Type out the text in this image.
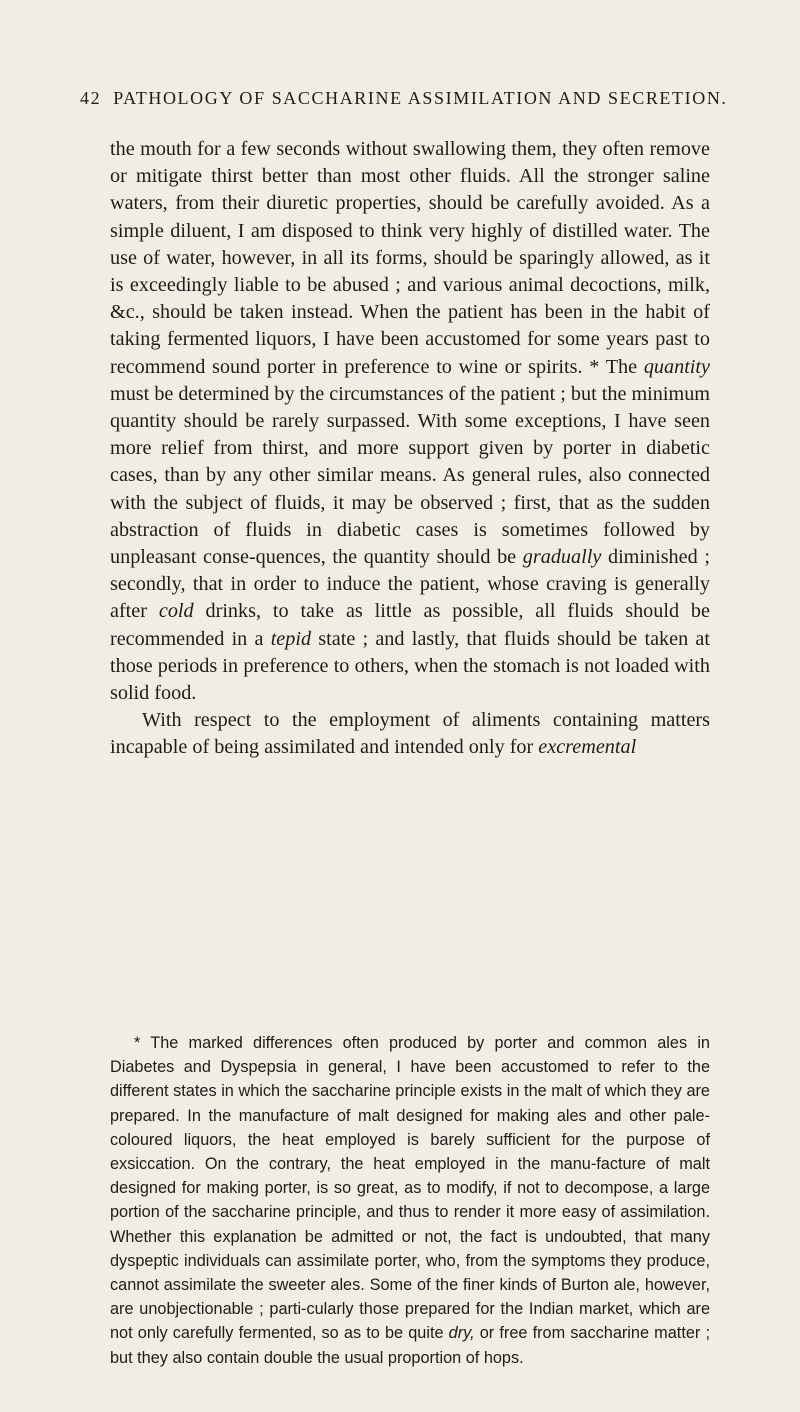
42 PATHOLOGY OF SACCHARINE ASSIMILATION AND SECRETION.

the mouth for a few seconds without swallowing them, they often remove or mitigate thirst better than most other fluids. All the stronger saline waters, from their diuretic properties, should be carefully avoided. As a simple diluent, I am disposed to think very highly of distilled water. The use of water, however, in all its forms, should be sparingly allowed, as it is exceedingly liable to be abused ; and various animal decoctions, milk, &c., should be taken instead. When the patient has been in the habit of taking fermented liquors, I have been accustomed for some years past to recommend sound porter in preference to wine or spirits. * The quantity must be determined by the circumstances of the patient ; but the minimum quantity should be rarely surpassed. With some exceptions, I have seen more relief from thirst, and more support given by porter in diabetic cases, than by any other similar means. As general rules, also connected with the subject of fluids, it may be observed ; first, that as the sudden abstraction of fluids in diabetic cases is sometimes followed by unpleasant conse-quences, the quantity should be gradually diminished ; secondly, that in order to induce the patient, whose craving is generally after cold drinks, to take as little as possible, all fluids should be recommended in a tepid state ; and lastly, that fluids should be taken at those periods in preference to others, when the stomach is not loaded with solid food.

With respect to the employment of aliments containing matters incapable of being assimilated and intended only for excremental

* The marked differences often produced by porter and common ales in Diabetes and Dyspepsia in general, I have been accustomed to refer to the different states in which the saccharine principle exists in the malt of which they are prepared. In the manufacture of malt designed for making ales and other pale-coloured liquors, the heat employed is barely sufficient for the purpose of exsiccation. On the contrary, the heat employed in the manu-facture of malt designed for making porter, is so great, as to modify, if not to decompose, a large portion of the saccharine principle, and thus to render it more easy of assimilation. Whether this explanation be admitted or not, the fact is undoubted, that many dyspeptic individuals can assimilate porter, who, from the symptoms they produce, cannot assimilate the sweeter ales. Some of the finer kinds of Burton ale, however, are unobjectionable ; parti-cularly those prepared for the Indian market, which are not only carefully fermented, so as to be quite dry, or free from saccharine matter ; but they also contain double the usual proportion of hops.
